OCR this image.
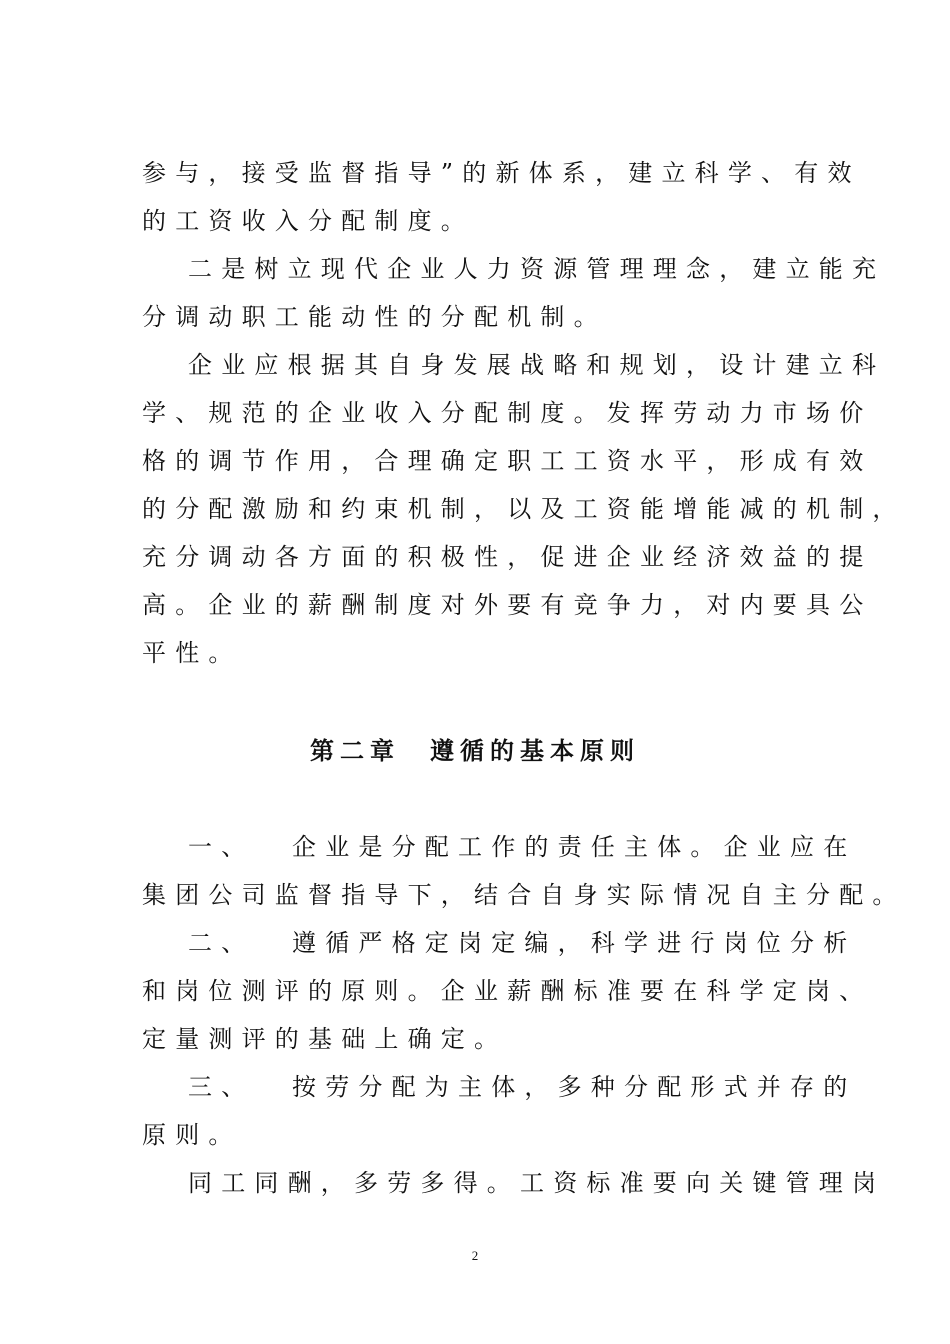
参与，接受监督指导”的新体系，建立科学、有效
的工资收入分配制度。
二是树立现代企业人力资源管理理念，建立能充
分调动职工能动性的分配机制。
企业应根据其自身发展战略和规划，设计建立科
学、规范的企业收入分配制度。发挥劳动力市场价
格的调节作用，合理确定职工工资水平，形成有效
的分配激励和约束机制，以及工资能增能减的机制，
充分调动各方面的积极性，促进企业经济效益的提
高。企业的薪酬制度对外要有竞争力，对内要具公
平性。
第二章　遵循的基本原则
一、 企业是分配工作的责任主体。企业应在
集团公司监督指导下，结合自身实际情况自主分配。
二、 遵循严格定岗定编，科学进行岗位分析
和岗位测评的原则。企业薪酬标准要在科学定岗、
定量测评的基础上确定。
三、 按劳分配为主体，多种分配形式并存的
原则。
同工同酬，多劳多得。工资标准要向关键管理岗
2
